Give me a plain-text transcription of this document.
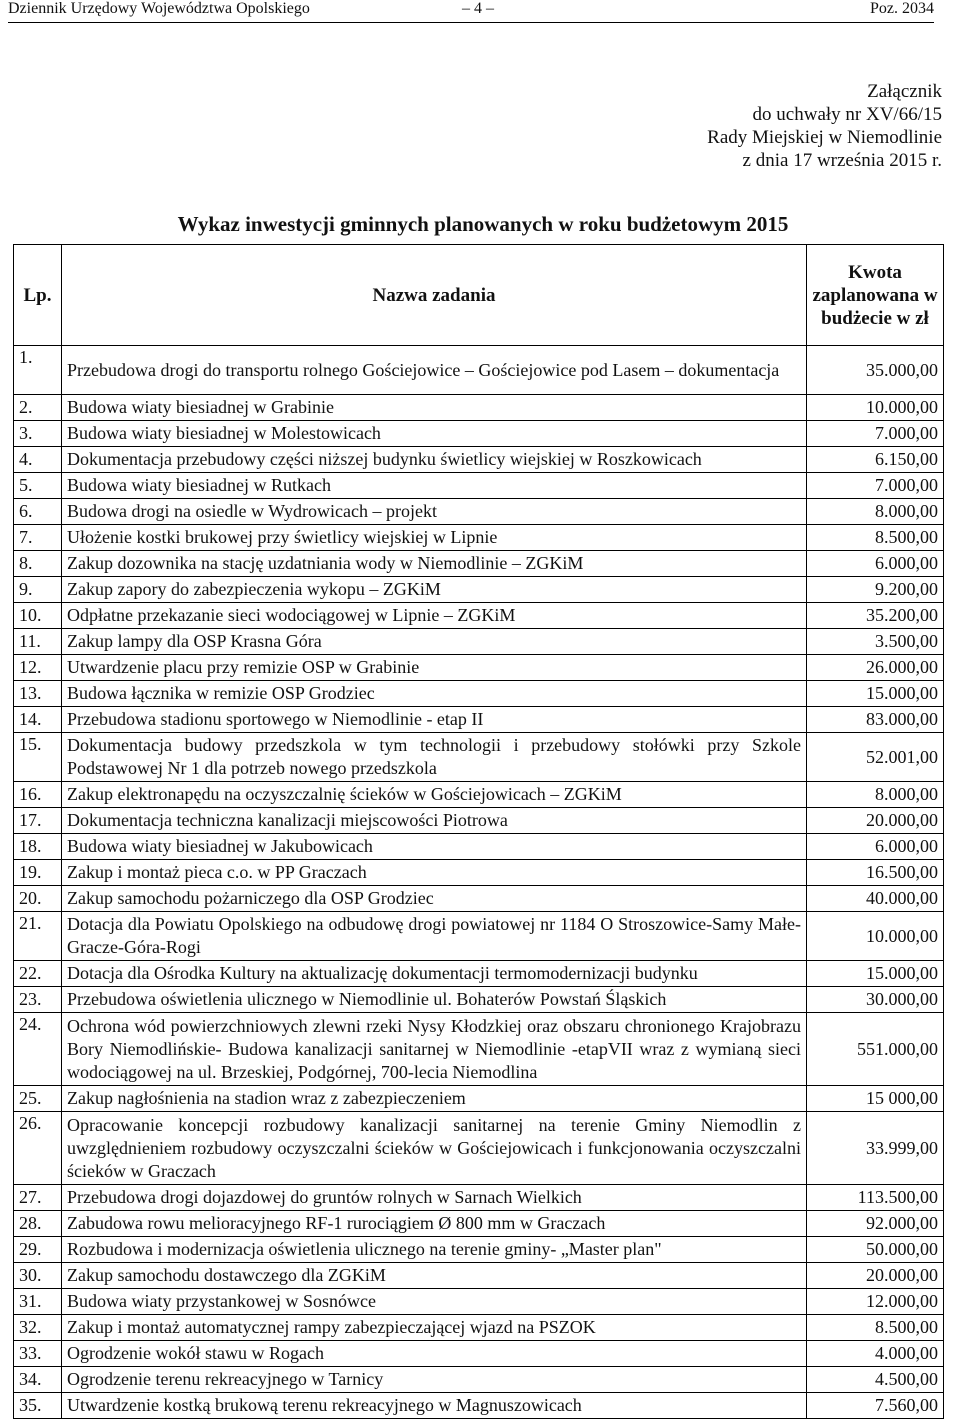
Dziennik Urzędowy Województwa Opolskiego	– 4 –	Poz. 2034
Załącznik
do uchwały nr XV/66/15
Rady Miejskiej w Niemodlinie
z dnia 17 września 2015 r.
Wykaz inwestycji gminnych planowanych w roku budżetowym 2015
Lp.	Nazwa zadania	Kwota zaplanowana w budżecie w zł
1.	Przebudowa drogi do transportu rolnego Gościejowice – Gościejowice pod Lasem – dokumentacja	35.000,00
2.	Budowa wiaty biesiadnej w Grabinie	10.000,00
3.	Budowa wiaty biesiadnej w Molestowicach	7.000,00
4.	Dokumentacja przebudowy części niższej budynku świetlicy wiejskiej w Roszkowicach	6.150,00
5.	Budowa wiaty biesiadnej w Rutkach	7.000,00
6.	Budowa drogi na osiedle w Wydrowicach – projekt	8.000,00
7.	Ułożenie kostki brukowej przy świetlicy wiejskiej w Lipnie	8.500,00
8.	Zakup dozownika na stację uzdatniania wody w Niemodlinie – ZGKiM	6.000,00
9.	Zakup zapory do zabezpieczenia wykopu – ZGKiM	9.200,00
10.	Odpłatne przekazanie sieci wodociągowej w Lipnie – ZGKiM	35.200,00
11.	Zakup lampy dla OSP Krasna Góra	3.500,00
12.	Utwardzenie placu przy remizie OSP w Grabinie	26.000,00
13.	Budowa łącznika w remizie OSP Grodziec	15.000,00
14.	Przebudowa stadionu sportowego w Niemodlinie - etap II	83.000,00
15.	Dokumentacja budowy przedszkola w tym technologii i przebudowy stołówki przy Szkole Podstawowej Nr 1 dla potrzeb nowego przedszkola	52.001,00
16.	Zakup elektronapędu na oczyszczalnię ścieków w Gościejowicach – ZGKiM	8.000,00
17.	Dokumentacja techniczna kanalizacji miejscowości Piotrowa	20.000,00
18.	Budowa wiaty biesiadnej w Jakubowicach	6.000,00
19.	Zakup i montaż pieca c.o. w PP Graczach	16.500,00
20.	Zakup samochodu pożarniczego dla OSP Grodziec	40.000,00
21.	Dotacja dla Powiatu Opolskiego na odbudowę drogi powiatowej nr 1184 O Stroszowice-Samy Małe-Gracze-Góra-Rogi	10.000,00
22.	Dotacja dla Ośrodka Kultury na aktualizację dokumentacji termomodernizacji budynku	15.000,00
23.	Przebudowa oświetlenia ulicznego w Niemodlinie ul. Bohaterów Powstań Śląskich	30.000,00
24.	Ochrona wód powierzchniowych zlewni rzeki Nysy Kłodzkiej oraz obszaru chronionego Krajobrazu Bory Niemodlińskie- Budowa kanalizacji sanitarnej w Niemodlinie -etapVII wraz z wymianą sieci wodociągowej na ul. Brzeskiej, Podgórnej, 700-lecia Niemodlina	551.000,00
25.	Zakup nagłośnienia na stadion wraz z zabezpieczeniem	15 000,00
26.	Opracowanie koncepcji rozbudowy kanalizacji sanitarnej na terenie Gminy Niemodlin z uwzględnieniem rozbudowy oczyszczalni ścieków w Gościejowicach i funkcjonowania oczyszczalni ścieków w Graczach	33.999,00
27.	Przebudowa drogi dojazdowej do gruntów rolnych w Sarnach Wielkich	113.500,00
28.	Zabudowa rowu melioracyjnego RF-1 rurociągiem Ø 800 mm w Graczach	92.000,00
29.	Rozbudowa i modernizacja oświetlenia ulicznego na terenie gminy- „Master plan"	50.000,00
30.	Zakup samochodu dostawczego dla ZGKiM	20.000,00
31.	Budowa wiaty przystankowej w Sosnówce	12.000,00
32.	Zakup i montaż automatycznej rampy zabezpieczającej wjazd na PSZOK	8.500,00
33.	Ogrodzenie wokół stawu w Rogach	4.000,00
34.	Ogrodzenie terenu rekreacyjnego w Tarnicy	4.500,00
35.	Utwardzenie kostką brukową terenu rekreacyjnego w Magnuszowicach	7.560,00
